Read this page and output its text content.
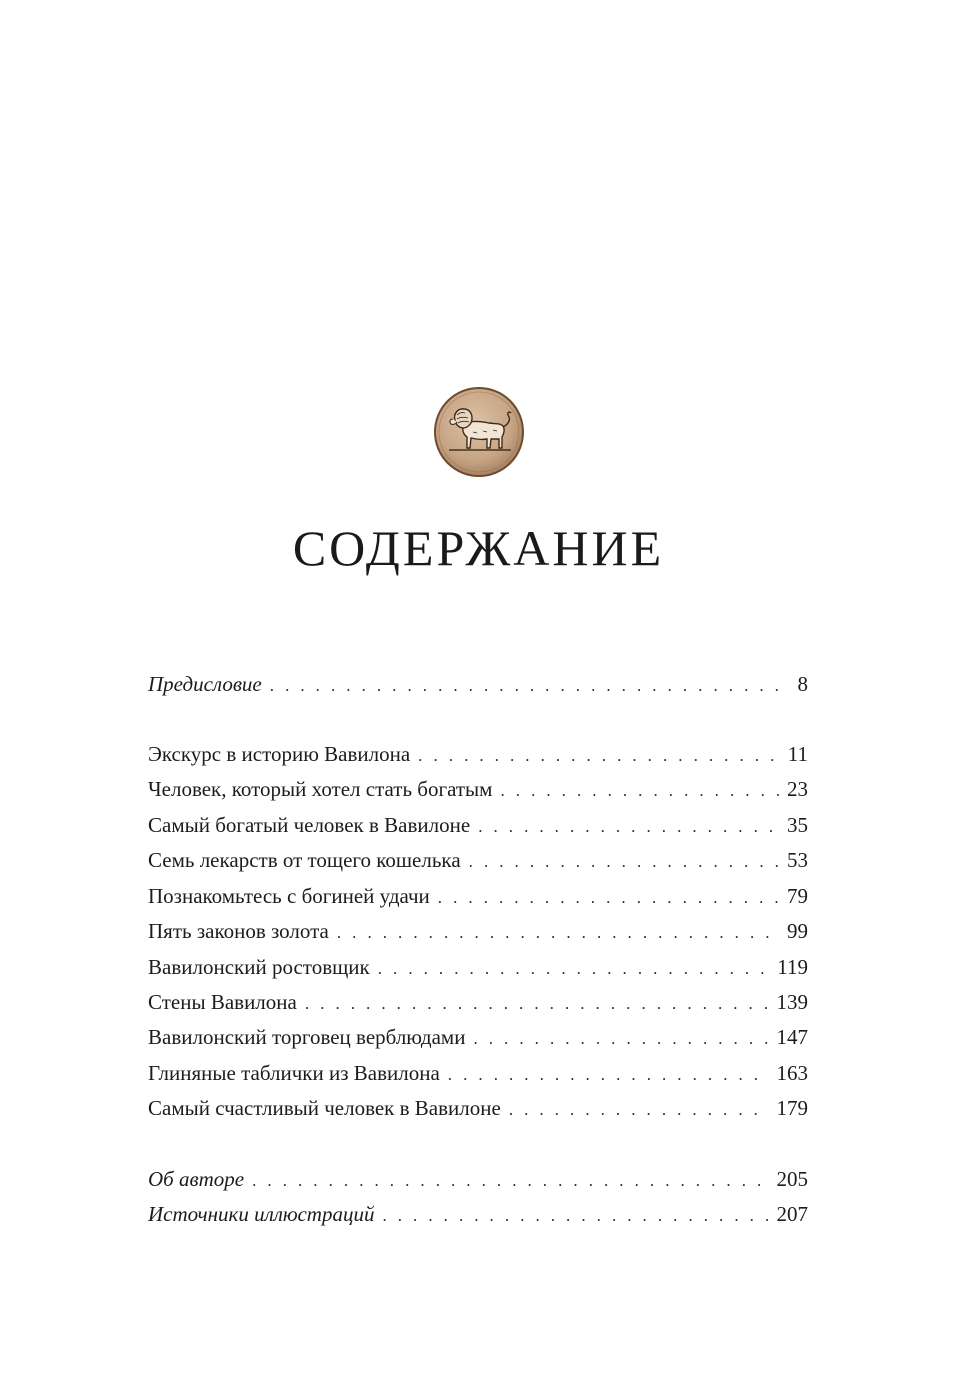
СОДЕРЖАНИЕ
Предисловие . . .	8
Экскурс в историю Вавилона . . .	11
Человек, который хотел стать богатым . . .	23
Самый богатый человек в Вавилоне . . .	35
Семь лекарств от тощего кошелька . . .	53
Познакомьтесь с богиней удачи . . .	79
Пять законов золота . . .	99
Вавилонский ростовщик . . .	119
Стены Вавилона . . .	139
Вавилонский торговец верблюдами . . .	147
Глиняные таблички из Вавилона . . .	163
Самый счастливый человек в Вавилоне . . .	179
Об авторе . . .	205
Источники иллюстраций . . .	207
